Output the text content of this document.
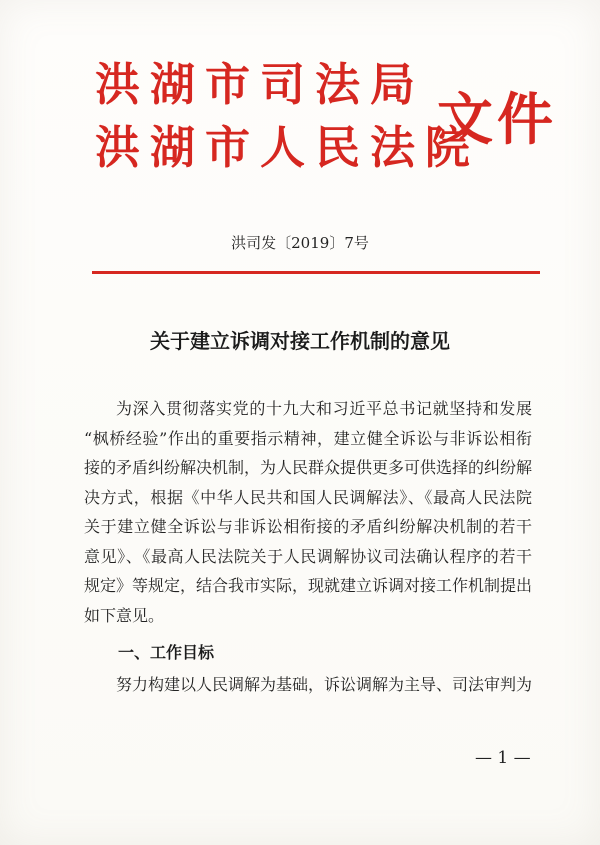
洪湖市司法局
洪湖市人民法院
文件
洪司发〔2019〕7号
关于建立诉调对接工作机制的意见

为深入贯彻落实党的十九大和习近平总书记就坚持和发展

“枫桥经验”作出的重要指示精神，建立健全诉讼与非诉讼相衔

接的矛盾纠纷解决机制，为人民群众提供更多可供选择的纠纷解

决方式，根据《中华人民共和国人民调解法》、《最高人民法院

关于建立健全诉讼与非诉讼相衔接的矛盾纠纷解决机制的若干

意见》、《最高人民法院关于人民调解协议司法确认程序的若干

规定》等规定，结合我市实际，现就建立诉调对接工作机制提出

如下意见。

一、工作目标

努力构建以人民调解为基础，诉讼调解为主导、司法审判为

— 1 —
